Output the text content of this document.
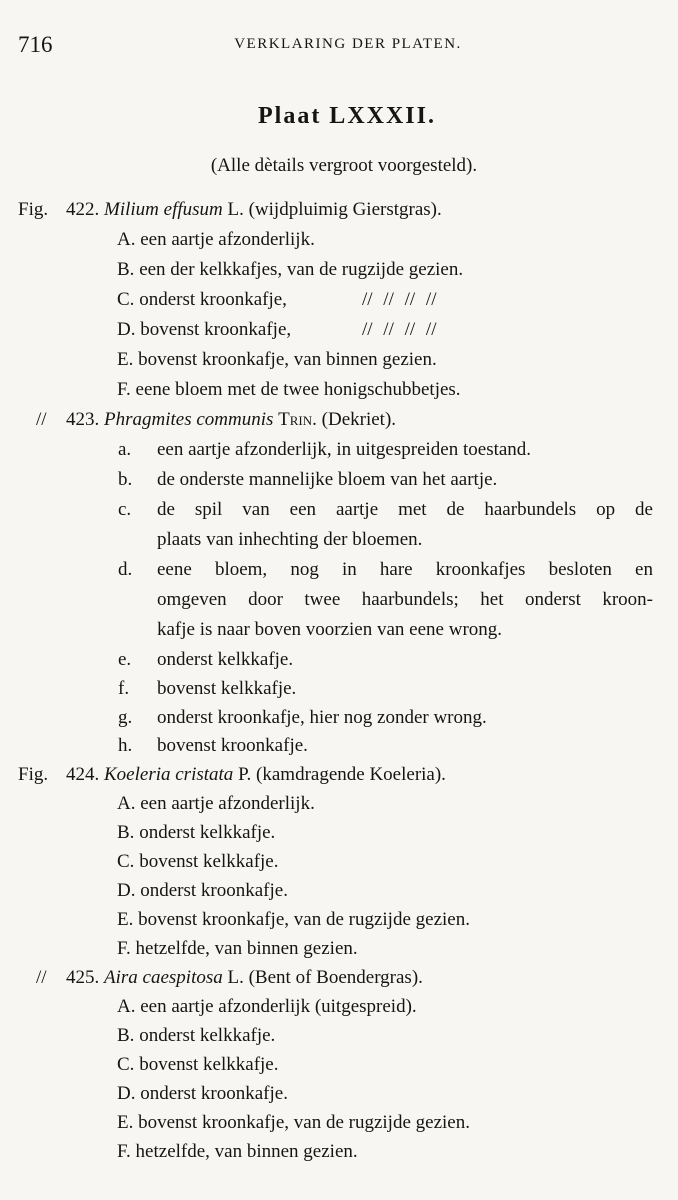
716	VERKLARING DER PLATEN.
Plaat LXXXII.
(Alle dètails vergroot voorgesteld).
Fig. 422. Milium effusum L. (wijdpluimig Gierstgras).
A. een aartje afzonderlijk.
B. een der kelkkafjes, van de rugzijde gezien.
C. onderst kroonkafje,	// // // //
D. bovenst kroonkafje,	// // // //
E. bovenst kroonkafje, van binnen gezien.
F. eene bloem met de twee honigschubbetjes.
// 423. Phragmites communis Trin. (Dekriet).
a. een aartje afzonderlijk, in uitgespreiden toestand.
b. de onderste mannelijke bloem van het aartje.
c. de spil van een aartje met de haarbundels op de
plaats van inhechting der bloemen.
d. eene bloem, nog in hare kroonkafjes besloten en
omgeven door twee haarbundels; het onderst kroon-
kafje is naar boven voorzien van eene wrong.
e. onderst kelkkafje.
f. bovenst kelkkafje.
g. onderst kroonkafje, hier nog zonder wrong.
h. bovenst kroonkafje.
Fig. 424. Koeleria cristata P. (kamdragende Koeleria).
A. een aartje afzonderlijk.
B. onderst kelkkafje.
C. bovenst kelkkafje.
D. onderst kroonkafje.
E. bovenst kroonkafje, van de rugzijde gezien.
F. hetzelfde, van binnen gezien.
// 425. Aira caespitosa L. (Bent of Boendergras).
A. een aartje afzonderlijk (uitgespreid).
B. onderst kelkkafje.
C. bovenst kelkkafje.
D. onderst kroonkafje.
E. bovenst kroonkafje, van de rugzijde gezien.
F. hetzelfde, van binnen gezien.
